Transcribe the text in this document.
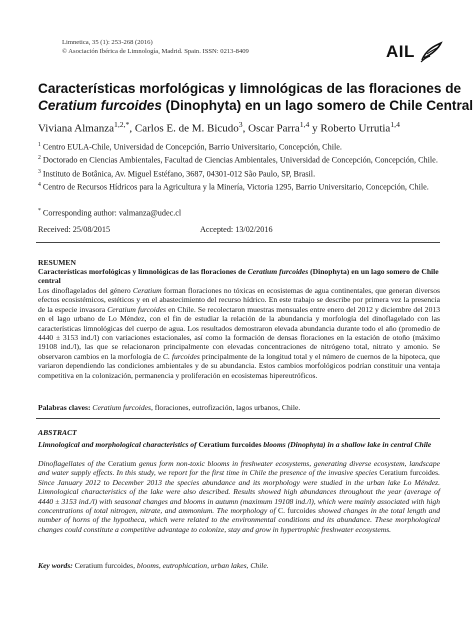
Limnetica, 35 (1): 253-268 (2016)
© Asociación Ibérica de Limnología, Madrid. Spain. ISSN: 0213-8409	AIL
Características morfológicas y limnológicas de las floraciones de
Ceratium furcoides (Dinophyta) en un lago somero de Chile Central
Viviana Almanza$^{1,2,*}$, Carlos E. de M. Bicudo$^3$, Oscar Parra$^{1,4}$ y Roberto Urrutia$^{1,4}$
$^1$ Centro EULA-Chile, Universidad de Concepción, Barrio Universitario, Concepción, Chile.
$^2$ Doctorado en Ciencias Ambientales, Facultad de Ciencias Ambientales, Universidad de Concepción, Concepción, Chile.
$^3$ Instituto de Botânica, Av. Miguel Estéfano, 3687, 04301-012 São Paulo, SP, Brasil.
$^4$ Centro de Recursos Hídricos para la Agricultura y la Minería, Victoria 1295, Barrio Universitario, Concepción, Chile.
* Corresponding author: valmanza@udec.cl
Received: 25/08/2015	Accepted: 13/02/2016
RESUMEN
Características morfológicas y limnológicas de las floraciones de Ceratium furcoides (Dinophyta) en un lago somero de Chile central
Los dinoflagelados del género Ceratium forman floraciones no tóxicas en ecosistemas de agua continentales, que generan diversos efectos ecosistémicos, estéticos y en el abastecimiento del recurso hídrico. En este trabajo se describe por primera vez la presencia de la especie invasora Ceratium furcoides en Chile. Se recolectaron muestras mensuales entre enero del 2012 y diciembre del 2013 en el lago urbano de Lo Méndez, con el fin de estudiar la relación de la abundancia y morfología del dinoflagelado con las características limnológicas del cuerpo de agua. Los resultados demostraron elevada abundancia durante todo el año (promedio de 4440 ± 3153 ind./l) con variaciones estacionales, así como la formación de densas floraciones en la estación de otoño (máximo 19108 ind./l), las que se relacionaron principalmente con elevadas concentraciones de nitrógeno total, nitrato y amonio. Se observaron cambios en la morfología de C. furcoides principalmente de la longitud total y el número de cuernos de la hipoteca, que variaron dependiendo las condiciones ambientales y de su abundancia. Estos cambios morfológicos podrían constituir una ventaja competitiva en la colonización, permanencia y proliferación en ecosistemas hipereutróficos.
Palabras claves: Ceratium furcoides, floraciones, eutrofización, lagos urbanos, Chile.
ABSTRACT
Limnological and morphological characteristics of Ceratium furcoides blooms (Dinophyta) in a shallow lake in central Chile
Dinoflagellates of the Ceratium genus form non-toxic blooms in freshwater ecosystems, generating diverse ecosystem, landscape and water supply effects. In this study, we report for the first time in Chile the presence of the invasive species Ceratium furcoides. Since January 2012 to December 2013 the species abundance and its morphology were studied in the urban lake Lo Méndez. Limnological characteristics of the lake were also described. Results showed high abundances throughout the year (average of 4440 ± 3153 ind./l) with seasonal changes and blooms in autumn (maximum 19108 ind./l), which were mainly associated with high concentrations of total nitrogen, nitrate, and ammonium. The morphology of C. furcoides showed changes in the total length and number of horns of the hypotheca, which were related to the environmental conditions and its abundance. These morphological changes could constitute a competitive advantage to colonize, stay and grow in hypertrophic freshwater ecosystems.
Key words: Ceratium furcoides, blooms, eutrophication, urban lakes, Chile.
